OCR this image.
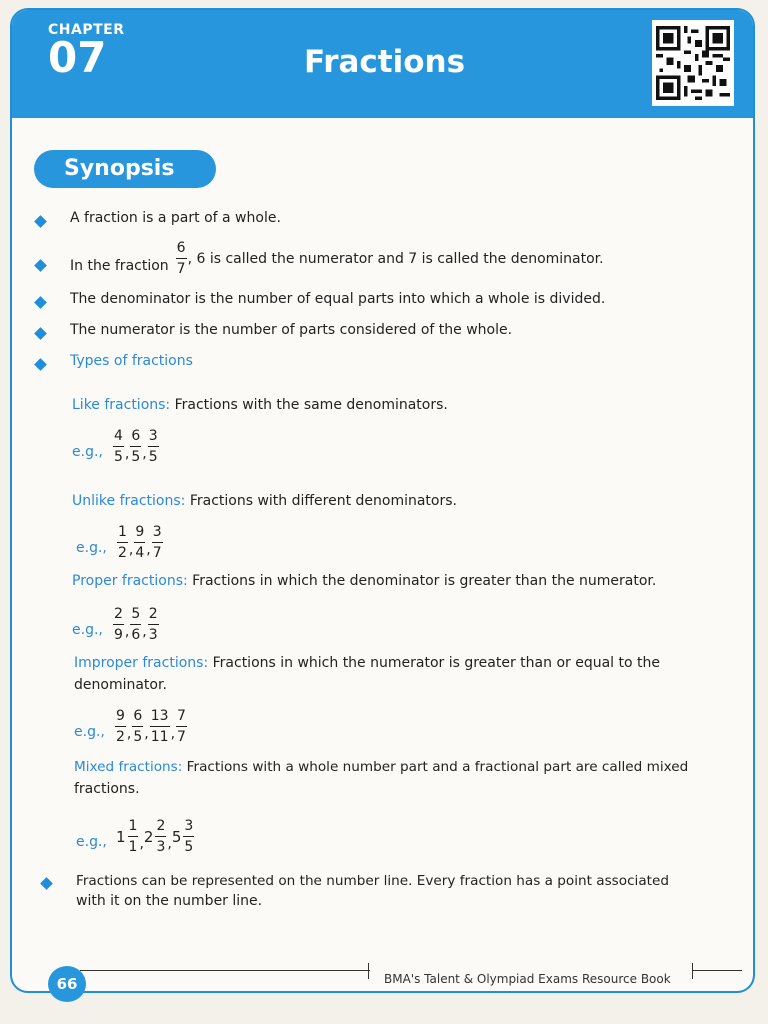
CHAPTER
07	Fractions
Synopsis
A fraction is a part of a whole.
In the fraction $\frac{6}{7}$ , 6 is called the numerator and 7 is called the denominator.
The denominator is the number of equal parts into which a whole is divided.
The numerator is the number of parts considered of the whole.
Types of fractions
Like fractions: Fractions with the same denominators.
e.g., $\frac{4}{5}$ , $\frac{6}{5}$ , $\frac{3}{5}$
Unlike fractions: Fractions with different denominators.
e.g., $\frac{1}{2}$ , $\frac{9}{4}$ , $\frac{3}{7}$
Proper fractions: Fractions in which the denominator is greater than the numerator.
e.g., $\frac{2}{9}$ , $\frac{5}{6}$ , $\frac{2}{3}$
Improper fractions: Fractions in which the numerator is greater than or equal to the
denominator.
e.g., $\frac{9}{2}$ , $\frac{6}{5}$ , $\frac{13}{11}$ , $\frac{7}{7}$
Mixed fractions: Fractions with a whole number part and a fractional part are called mixed
fractions.
e.g., $1 \frac{1}{1}$ , $2 \frac{2}{3}$ , $5 \frac{3}{5}$
Fractions can be represented on the number line. Every fraction has a point associated
with it on the number line.
BMA's Talent & Olympiad Exams Resource Book
66
